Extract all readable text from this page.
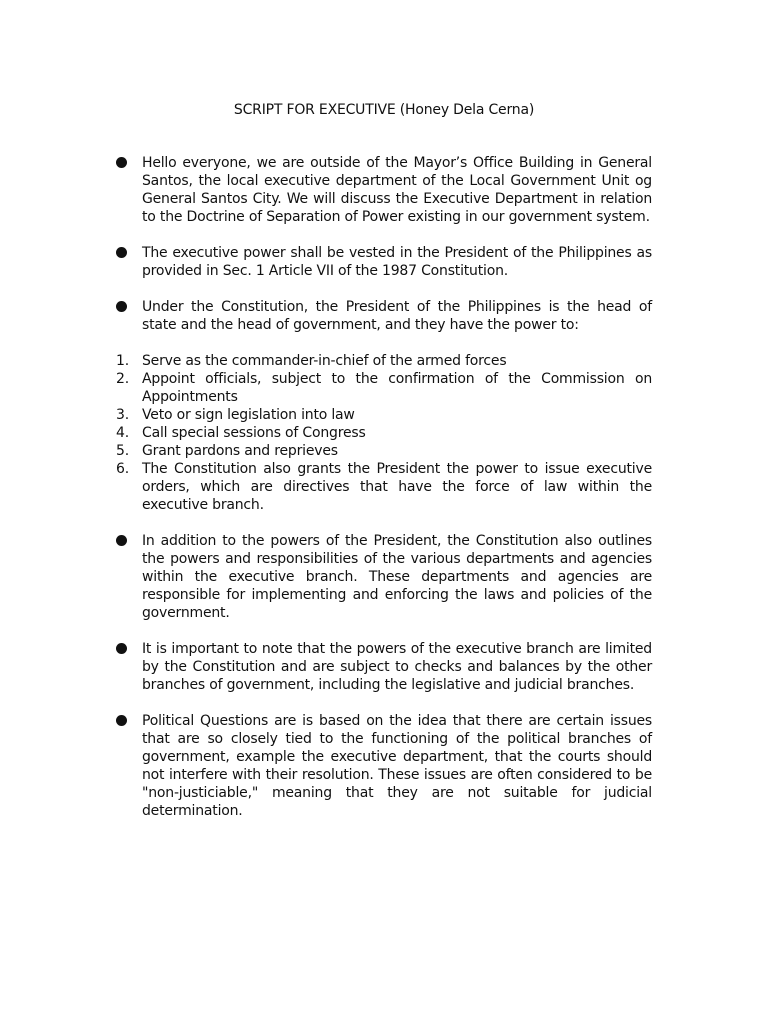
SCRIPT FOR EXECUTIVE (Honey Dela Cerna)

Hello everyone, we are outside of the Mayor’s Office Building in General Santos, the local executive department of the Local Government Unit og General Santos City. We will discuss the Executive Department in relation to the Doctrine of Separation of Power existing in our government system.

The executive power shall be vested in the President of the Philippines as provided in Sec. 1 Article VII of the 1987 Constitution.

Under the Constitution, the President of the Philippines is the head of state and the head of government, and they have the power to:

1. Serve as the commander-in-chief of the armed forces
2. Appoint officials, subject to the confirmation of the Commission on Appointments
3. Veto or sign legislation into law
4. Call special sessions of Congress
5. Grant pardons and reprieves
6. The Constitution also grants the President the power to issue executive orders, which are directives that have the force of law within the executive branch.

In addition to the powers of the President, the Constitution also outlines the powers and responsibilities of the various departments and agencies within the executive branch. These departments and agencies are responsible for implementing and enforcing the laws and policies of the government.

It is important to note that the powers of the executive branch are limited by the Constitution and are subject to checks and balances by the other branches of government, including the legislative and judicial branches.

Political Questions are is based on the idea that there are certain issues that are so closely tied to the functioning of the political branches of government, example the executive department, that the courts should not interfere with their resolution. These issues are often considered to be "non-justiciable," meaning that they are not suitable for judicial determination.
